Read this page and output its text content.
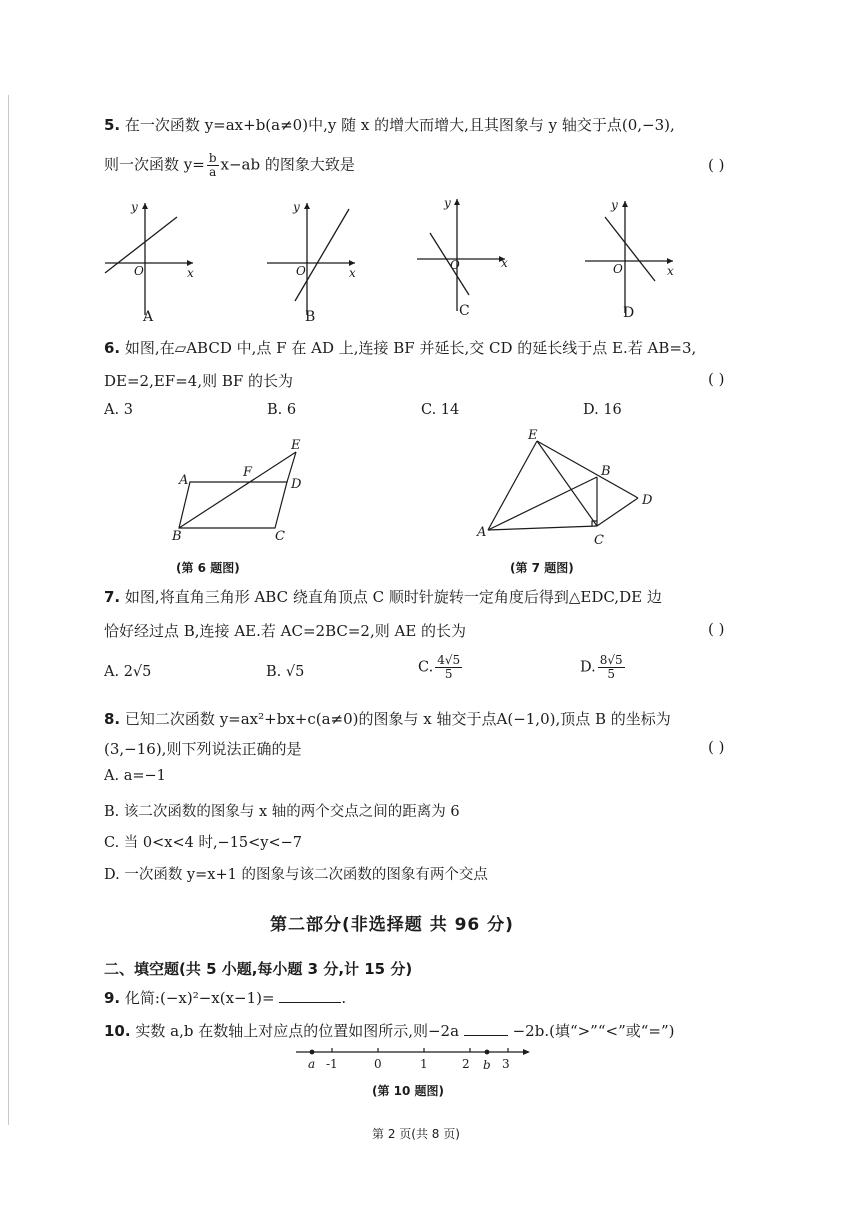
5. 在一次函数 y=ax+b(a≠0)中,y 随 x 的增大而增大,且其图象与 y 轴交于点(0,−3),
则一次函数 $y= \frac{b}{a} x-ab$ 的图象大致是	( )
y
x
O
y
x
O
y
x
O
y
x
O
A	B	C	D
6. 如图,在▱ABCD 中,点 F 在 AD 上,连接 BF 并延长,交 CD 的延长线于点 E.若 AB=3,
DE=2,EF=4,则 BF 的长为	( )
A. 3	B. 6	C. 14	D. 16
A
F
E
D
B	C
(第 6 题图)
E
B
D
A
C
(第 7 题图)
7. 如图,将直角三角形 ABC 绕直角顶点 C 顺时针旋转一定角度后得到△EDC,DE 边
恰好经过点 B,连接 AE.若 AC=2BC=2,则 AE 的长为	( )
A. 2√5	B. √5	C. $\frac{4√5}{5}$	D. $\frac{8√5}{5}$
8. 已知二次函数 y=ax²+bx+c(a≠0)的图象与 x 轴交于点A(−1,0),顶点 B 的坐标为
(3,−16),则下列说法正确的是	( )
A. a=−1
B. 该二次函数的图象与 x 轴的两个交点之间的距离为 6
C. 当 0<x<4 时,−15<y<−7
D. 一次函数 y=x+1 的图象与该二次函数的图象有两个交点
第二部分(非选择题 共 96 分)
二、填空题(共 5 小题,每小题 3 分,计 15 分)
9. 化简:(−x)²−x(x−1)=	.
10. 实数 a,b 在数轴上对应点的位置如图所示,则−2a	−2b.(填“>”“<”或“=”)
a -1	0	1	2 b 3
(第 10 题图)
第 2 页(共 8 页)
